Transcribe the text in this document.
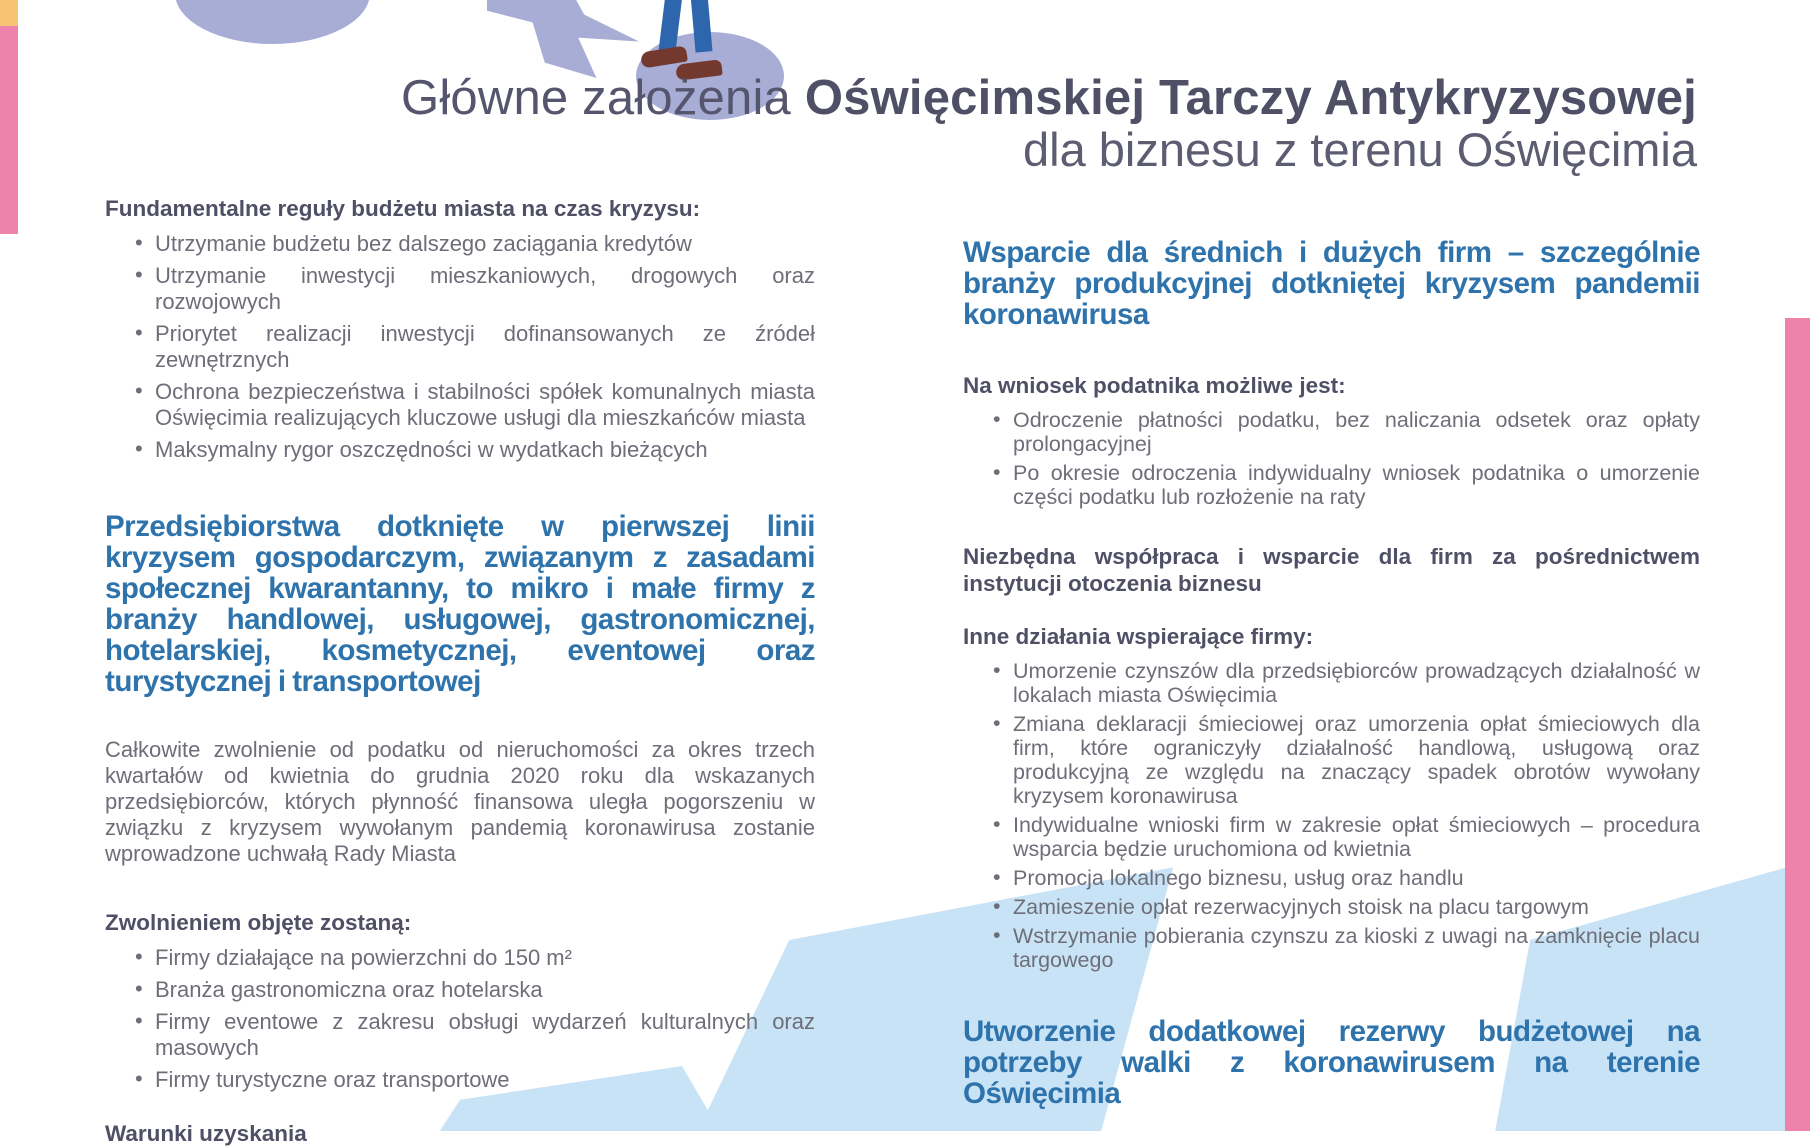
Główne założenia Oświęcimskiej Tarczy Antykryzysowej
dla biznesu z terenu Oświęcimia
Fundamentalne reguły budżetu miasta na czas kryzysu:
• Utrzymanie budżetu bez dalszego zaciągania kredytów
• Utrzymanie inwestycji mieszkaniowych, drogowych oraz rozwojowych
• Priorytet realizacji inwestycji dofinansowanych ze źródeł zewnętrznych
• Ochrona bezpieczeństwa i stabilności spółek komunalnych miasta Oświęcimia realizujących kluczowe usługi dla mieszkańców miasta
• Maksymalny rygor oszczędności w wydatkach bieżących

Przedsiębiorstwa dotknięte w pierwszej linii kryzysem gospodarczym, związanym z zasadami społecznej kwarantanny, to mikro i małe firmy z branży handlowej, usługowej, gastronomicznej, hotelarskiej, kosmetycznej, eventowej oraz turystycznej i transportowej

Całkowite zwolnienie od podatku od nieruchomości za okres trzech kwartałów od kwietnia do grudnia 2020 roku dla wskazanych przedsiębiorców, których płynność finansowa uległa pogorszeniu w związku z kryzysem wywołanym pandemią koronawirusa zostanie wprowadzone uchwałą Rady Miasta

Zwolnieniem objęte zostaną:
• Firmy działające na powierzchni do 150 m²
• Branża gastronomiczna oraz hotelarska
• Firmy eventowe z zakresu obsługi wydarzeń kulturalnych oraz masowych
• Firmy turystyczne oraz transportowe
Warunki uzyskania

Wsparcie dla średnich i dużych firm – szczególnie branży produkcyjnej dotkniętej kryzysem pandemii koronawirusa

Na wniosek podatnika możliwe jest:
• Odroczenie płatności podatku, bez naliczania odsetek oraz opłaty prolongacyjnej
• Po okresie odroczenia indywidualny wniosek podatnika o umorzenie części podatku lub rozłożenie na raty
Niezbędna współpraca i wsparcie dla firm za pośrednictwem instytucji otoczenia biznesu
Inne działania wspierające firmy:
• Umorzenie czynszów dla przedsiębiorców prowadzących działalność w lokalach miasta Oświęcimia
• Zmiana deklaracji śmieciowej oraz umorzenia opłat śmieciowych dla firm, które ograniczyły działalność handlową, usługową oraz produkcyjną ze względu na znaczący spadek obrotów wywołany kryzysem koronawirusa
• Indywidualne wnioski firm w zakresie opłat śmieciowych – procedura wsparcia będzie uruchomiona od kwietnia
• Promocja lokalnego biznesu, usług oraz handlu
• Zamieszenie opłat rezerwacyjnych stoisk na placu targowym
• Wstrzymanie pobierania czynszu za kioski z uwagi na zamknięcie placu targowego

Utworzenie dodatkowej rezerwy budżetowej na potrzeby walki z koronawirusem na terenie Oświęcimia
